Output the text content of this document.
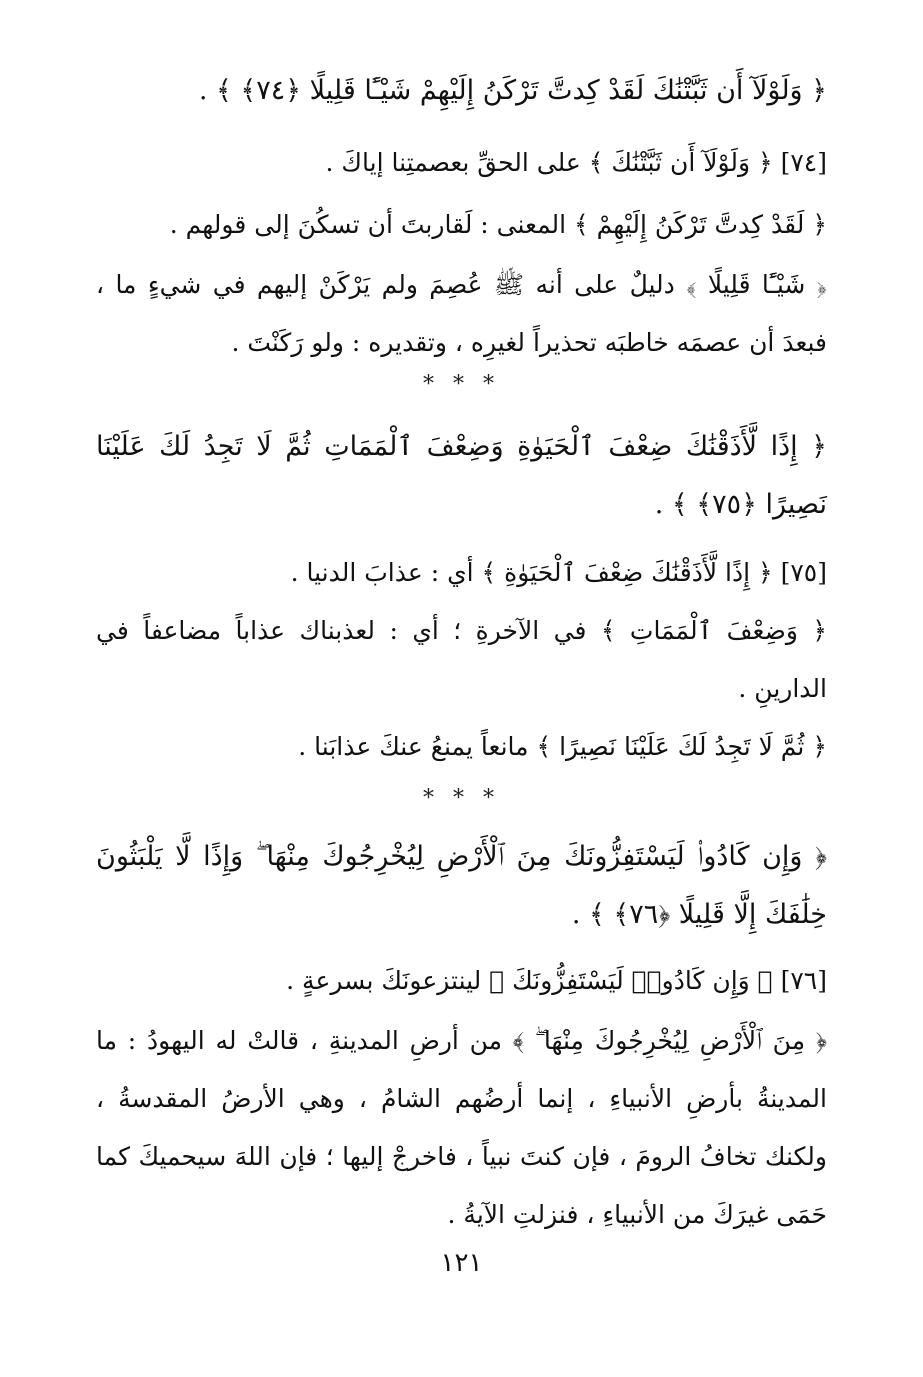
﴿ وَلَوْلَآ أَن ثَبَّتْنَٰكَ لَقَدْ كِدتَّ تَرْكَنُ إِلَيْهِمْ شَيْـًٔا قَلِيلًا ﴿٧٤﴾ ﴾ .

[٧٤] ﴿ وَلَوْلَآ أَن ثَبَّتْنَٰكَ ﴾ على الحقِّ بعصمتِنا إياكَ .

﴿ لَقَدْ كِدتَّ تَرْكَنُ إِلَيْهِمْ ﴾ المعنى : لَقاربتَ أن تسكُنَ إلى قولهم .

﴿ شَيْـًٔا قَلِيلًا ﴾ دليلٌ على أنه ﷺ عُصِمَ ولم يَرْكَنْ إليهم في شيءٍ ما ، فبعدَ أن عصمَه خاطبَه تحذيراً لغيرِه ، وتقديره : ولو رَكَنْتَ .

* * *

﴿ إِذًا لَّأَذَقْنَٰكَ ضِعْفَ ٱلْحَيَوٰةِ وَضِعْفَ ٱلْمَمَاتِ ثُمَّ لَا تَجِدُ لَكَ عَلَيْنَا نَصِيرًا ﴿٧٥﴾ ﴾ .

[٧٥] ﴿ إِذًا لَّأَذَقْنَٰكَ ضِعْفَ ٱلْحَيَوٰةِ ﴾ أي : عذابَ الدنيا .

﴿ وَضِعْفَ ٱلْمَمَاتِ ﴾ في الآخرةِ ؛ أي : لعذبناك عذاباً مضاعفاً في الدارينِ .

﴿ ثُمَّ لَا تَجِدُ لَكَ عَلَيْنَا نَصِيرًا ﴾ مانعاً يمنعُ عنكَ عذابَنا .

* * *

﴿ وَإِن كَادُوا۟ لَيَسْتَفِزُّونَكَ مِنَ ٱلْأَرْضِ لِيُخْرِجُوكَ مِنْهَا ۖ وَإِذًا لَّا يَلْبَثُونَ خِلَٰفَكَ إِلَّا قَلِيلًا ﴿٧٦﴾ ﴾ .

[٧٦] ﴿ وَإِن كَادُوا۟ لَيَسْتَفِزُّونَكَ ﴾ لينتزعونَكَ بسرعةٍ .

﴿ مِنَ ٱلْأَرْضِ لِيُخْرِجُوكَ مِنْهَا ۖ ﴾ من أرضِ المدينةِ ، قالتْ له اليهودُ : ما المدينةُ بأرضِ الأنبياءِ ، إنما أرضُهم الشامُ ، وهي الأرضُ المقدسةُ ، ولكنك تخافُ الرومَ ، فإن كنتَ نبياً ، فاخرجْ إليها ؛ فإن اللهَ سيحميكَ كما حَمَى غيرَكَ من الأنبياءِ ، فنزلتِ الآيةُ .

١٢١
